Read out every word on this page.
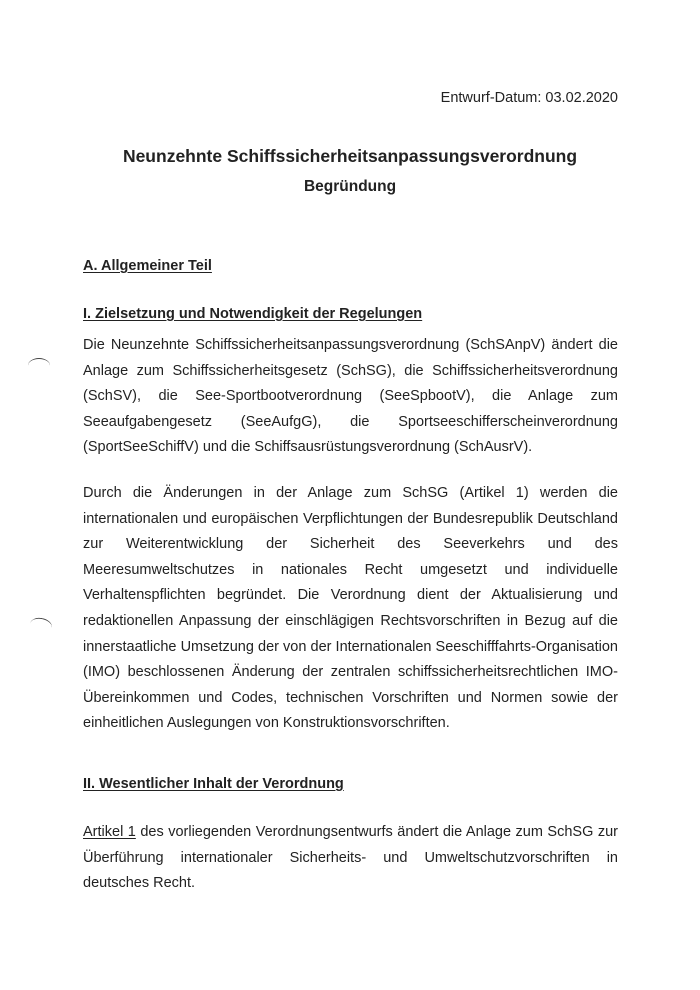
Entwurf-Datum: 03.02.2020
Neunzehnte Schiffssicherheitsanpassungsverordnung
Begründung
A. Allgemeiner Teil
I. Zielsetzung und Notwendigkeit der Regelungen
Die Neunzehnte Schiffssicherheitsanpassungsverordnung (SchSAnpV) ändert die Anlage zum Schiffssicherheitsgesetz (SchSG), die Schiffssicherheitsverordnung (SchSV), die See-Sportbootverordnung (SeeSpbootV), die Anlage zum Seeaufgabengesetz (SeeAufgG), die Sportseeschifferscheinverordnung (SportSeeSchiffV) und die Schiffsausrüstungsverordnung (SchAusrV).
Durch die Änderungen in der Anlage zum SchSG (Artikel 1) werden die internationalen und europäischen Verpflichtungen der Bundesrepublik Deutschland zur Weiterentwicklung der Sicherheit des Seeverkehrs und des Meeresumweltschutzes in nationales Recht umgesetzt und individuelle Verhaltenspflichten begründet. Die Verordnung dient der Aktualisierung und redaktionellen Anpassung der einschlägigen Rechtsvorschriften in Bezug auf die innerstaatliche Umsetzung der von der Internationalen Seeschifffahrts-Organisation (IMO) beschlossenen Änderung der zentralen schiffssicherheitsrechtlichen IMO-Übereinkommen und Codes, technischen Vorschriften und Normen sowie der einheitlichen Auslegungen von Konstruktionsvorschriften.
II. Wesentlicher Inhalt der Verordnung
Artikel 1 des vorliegenden Verordnungsentwurfs ändert die Anlage zum SchSG zur Überführung internationaler Sicherheits- und Umweltschutzvorschriften in deutsches Recht.
